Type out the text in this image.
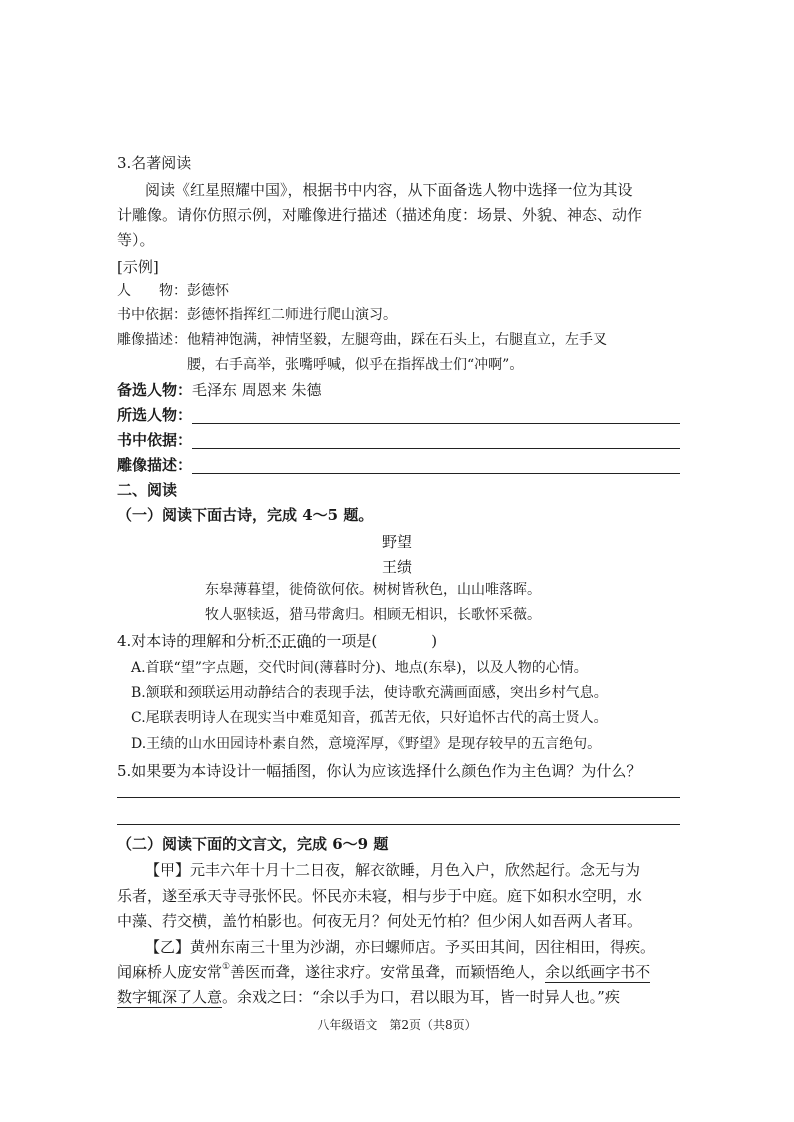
3.名著阅读
阅读《红星照耀中国》，根据书中内容，从下面备选人物中选择一位为其设
计雕像。请你仿照示例，对雕像进行描述（描述角度：场景、外貌、神态、动作
等）。
[示例]
人　　物：彭德怀
书中依据：彭德怀指挥红二师进行爬山演习。
雕像描述：他精神饱满，神情坚毅，左腿弯曲，踩在石头上，右腿直立，左手叉
腰，右手高举，张嘴呼喊，似乎在指挥战士们“冲啊”。
备选人物：毛泽东 周恩来 朱德
所选人物：
书中依据：
雕像描述：
二、阅读
（一）阅读下面古诗，完成 4～5 题。
野望
王绩
东皋薄暮望，徙倚欲何依。树树皆秋色，山山唯落晖。
牧人驱犊返，猎马带禽归。相顾无相识，长歌怀采薇。
4.对本诗的理解和分析不正确的一项是(	)
A.首联“望”字点题，交代时间(薄暮时分)、地点(东皋)，以及人物的心情。
B.颔联和颈联运用动静结合的表现手法，使诗歌充满画面感，突出乡村气息。
C.尾联表明诗人在现实当中难觅知音，孤苦无依，只好追怀古代的高士贤人。
D.王绩的山水田园诗朴素自然，意境浑厚，《野望》是现存较早的五言绝句。
5.如果要为本诗设计一幅插图，你认为应该选择什么颜色作为主色调？为什么？
（二）阅读下面的文言文，完成 6～9 题
【甲】元丰六年十月十二日夜，解衣欲睡，月色入户，欣然起行。念无与为
乐者，遂至承天寺寻张怀民。怀民亦未寝，相与步于中庭。庭下如积水空明，水
中藻、荇交横，盖竹柏影也。何夜无月？何处无竹柏？但少闲人如吾两人者耳。
【乙】黄州东南三十里为沙湖，亦曰螺师店。予买田其间，因往相田，得疾。
闻麻桥人庞安常①善医而聋，遂往求疗。安常虽聋，而颖悟绝人，余以纸画字书不
数字辄深了人意。余戏之曰：“余以手为口，君以眼为耳，皆一时异人也。”疾
八年级语文　第2页（共8页）
